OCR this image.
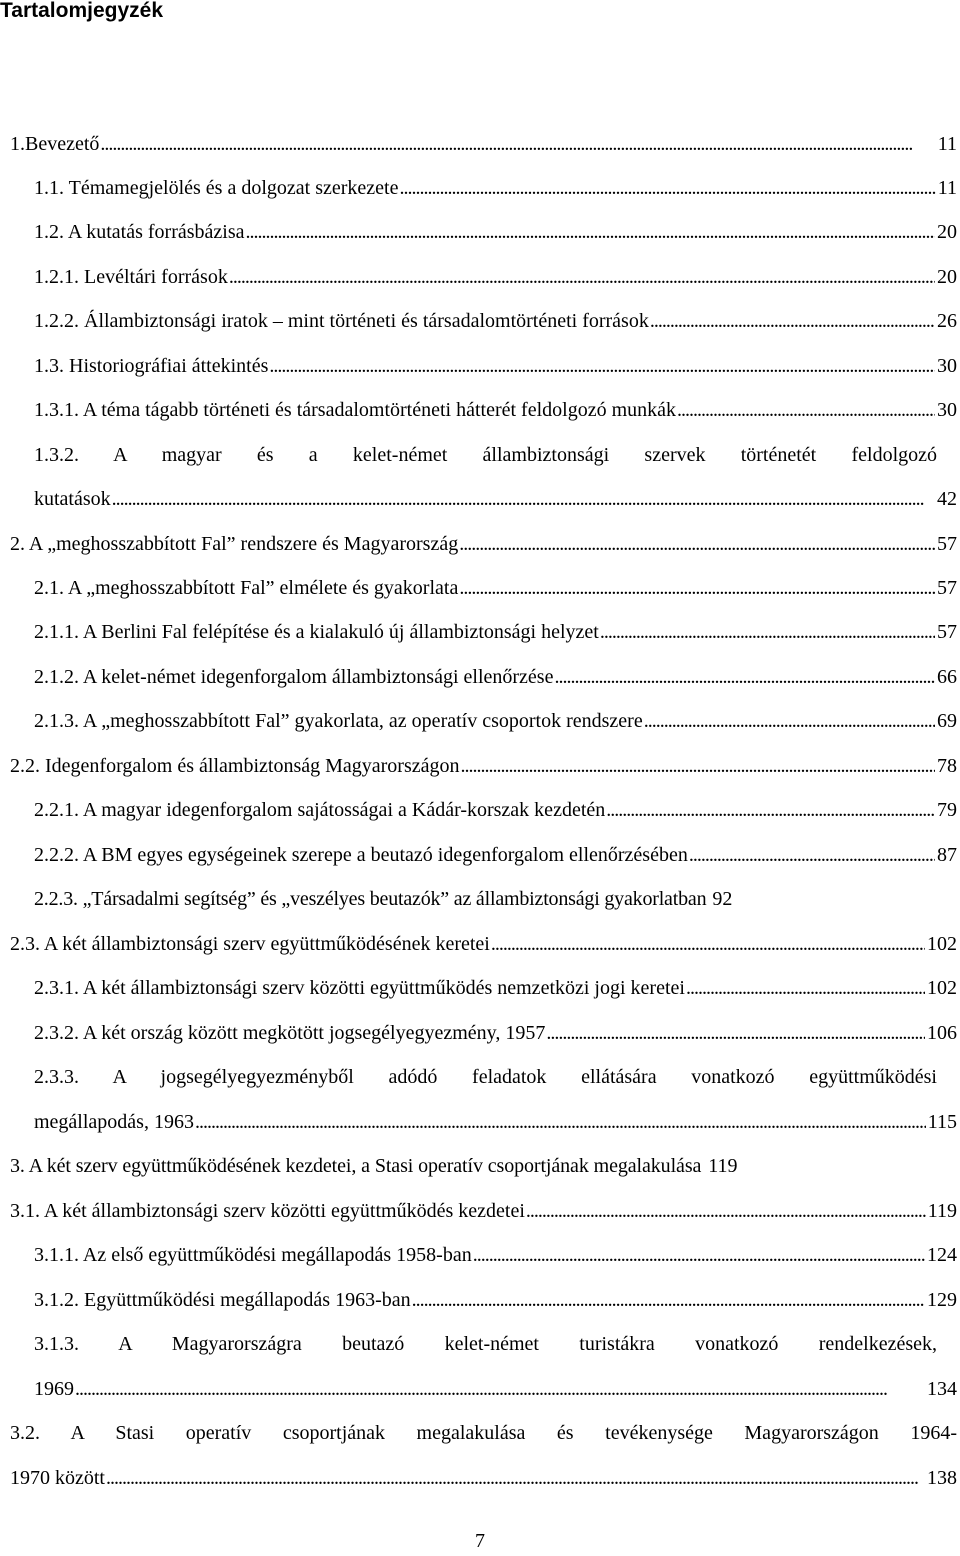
Tartalomjegyzék
1.Bevezető . . .	11
1.1. Témamegjelölés és a dolgozat szerkezete . . .	11
1.2. A kutatás forrásbázisa . . .	20
1.2.1. Levéltári források . . .	20
1.2.2. Állambiztonsági iratok – mint történeti és társadalomtörténeti források . . .	26
1.3. Historiográfiai áttekintés . . .	30
1.3.1. A téma tágabb történeti és társadalomtörténeti hátterét feldolgozó munkák . . .	30
1.3.2. A magyar és a kelet-német állambiztonsági szervek történetét feldolgozó
kutatások . . .	42
2. A „meghosszabbított Fal” rendszere és Magyarország . . .	57
2.1. A „meghosszabbított Fal” elmélete és gyakorlata . . .	57
2.1.1. A Berlini Fal felépítése és a kialakuló új állambiztonsági helyzet . . .	57
2.1.2. A kelet-német idegenforgalom állambiztonsági ellenőrzése . . .	66
2.1.3. A „meghosszabbított Fal” gyakorlata, az operatív csoportok rendszere . . .	69
2.2. Idegenforgalom és állambiztonság Magyarországon . . .	78
2.2.1. A magyar idegenforgalom sajátosságai a Kádár-korszak kezdetén . . .	79
2.2.2. A BM egyes egységeinek szerepe a beutazó idegenforgalom ellenőrzésében . . .	87
2.2.3. „Társadalmi segítség” és „veszélyes beutazók” az állambiztonsági gyakorlatban 92
2.3. A két állambiztonsági szerv együttműködésének keretei . . .	102
2.3.1. A két állambiztonsági szerv közötti együttműködés nemzetközi jogi keretei . . .	102
2.3.2. A két ország között megkötött jogsegélyegyezmény, 1957 . . .	106
2.3.3. A jogsegélyegyezményből adódó feladatok ellátására vonatkozó együttműködési
megállapodás, 1963 . . .	115
3. A két szerv együttműködésének kezdetei, a Stasi operatív csoportjának megalakulása 119
3.1. A két állambiztonsági szerv közötti együttműködés kezdetei . . .	119
3.1.1. Az első együttműködési megállapodás 1958-ban . . .	124
3.1.2. Együttműködési megállapodás 1963-ban . . .	129
3.1.3. A Magyarországra beutazó kelet-német turistákra vonatkozó rendelkezések,
1969 . . .	134
3.2. A Stasi operatív csoportjának megalakulása és tevékenysége Magyarországon 1964-
1970 között . . .	138
7
